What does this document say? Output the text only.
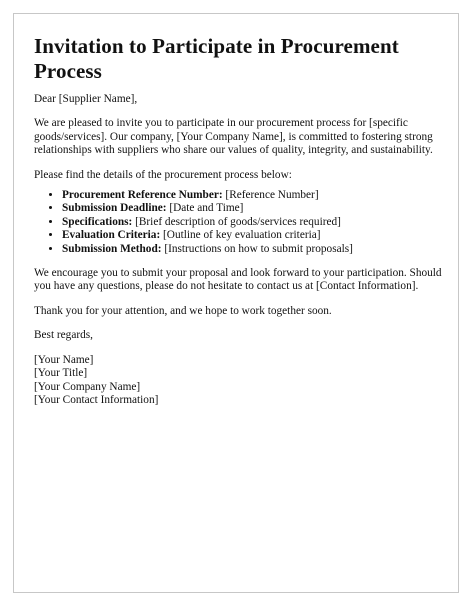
Invitation to Participate in Procurement Process

Dear [Supplier Name],

We are pleased to invite you to participate in our procurement process for [specific goods/services]. Our company, [Your Company Name], is committed to fostering strong relationships with suppliers who share our values of quality, integrity, and sustainability.

Please find the details of the procurement process below:

• Procurement Reference Number: [Reference Number]
• Submission Deadline: [Date and Time]
• Specifications: [Brief description of goods/services required]
• Evaluation Criteria: [Outline of key evaluation criteria]
• Submission Method: [Instructions on how to submit proposals]

We encourage you to submit your proposal and look forward to your participation. Should you have any questions, please do not hesitate to contact us at [Contact Information].

Thank you for your attention, and we hope to work together soon.

Best regards,

[Your Name]
[Your Title]
[Your Company Name]
[Your Contact Information]
